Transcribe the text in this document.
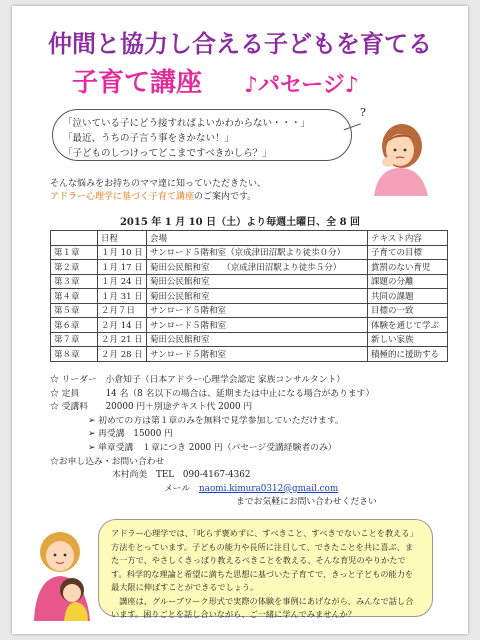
仲間と協力し合える子どもを育てる
子育て講座 ♪パセージ♪
「泣いている子にどう接すればよいかわからない・・・」
「最近、うちの子言う事をきかない！」
「子どものしつけってどこまですべきかしら？」
?
そんな悩みをお持ちのママ達に知っていただきたい、
アドラー心理学に基づく子育て講座のご案内です。
2015 年 1 月 10 日（土）より毎週土曜日、全 8 回
	日程	会場	テキスト内容
第１章	１月 10 日	サンロード５階和室（京成津田沼駅より徒歩０分）	子育ての目標
第２章	１月 17 日	菊田公民館和室　　（京成津田沼駅より徒歩５分）	賞罰のない育児
第３章	１月 24 日	菊田公民館和室	課題の分離
第４章	１月 31 日	菊田公民館和室	共同の課題
第５章	２月７日	サンロード５階和室	目標の一致
第６章	２月 14 日	サンロード５階和室	体験を通じて学ぶ
第７章	２月 21 日	菊田公民館和室	新しい家族
第８章	２月 28 日	サンロード５階和室	積極的に援助する
☆ リーダー　小倉知子（日本アドラー心理学会認定 家族コンサルタント）
☆ 定員　　　14 名（8 名以下の場合は、延期または中止になる場合があります）
☆ 受講料　　20000 円＋別途テキスト代 2000 円
➢ 初めての方は第１章のみを無料で見学参加していただけます。
➢ 再受講　15000 円
➢ 単章受講　１章につき 2000 円（パセージ受講経験者のみ）
☆お申し込み・お問い合わせ
木村尚美　TEL　090-4167-4362
メール　 naomi.kimura0312@gmail.com
までお気軽にお問い合わせください
アドラー心理学では、「叱らず褒めずに、すべきこと、すべきでないことを教える」方法をとっています。子どもの能力や長所に注目して、できたことを共に喜ぶ、また一方で、やさしくきっぱり教えるべきことを教える、そんな育児のやりかたです。科学的な理論と希望に満ちた思想に基づいた子育てで、きっと子どもの能力を最大限に伸ばすことができるでしょう。
講座は、グループワーク形式で実際の体験を事例にあげながら、みんなで話し合います。困りごとを話し合いながら、ご一緒に学んでみませんか？
